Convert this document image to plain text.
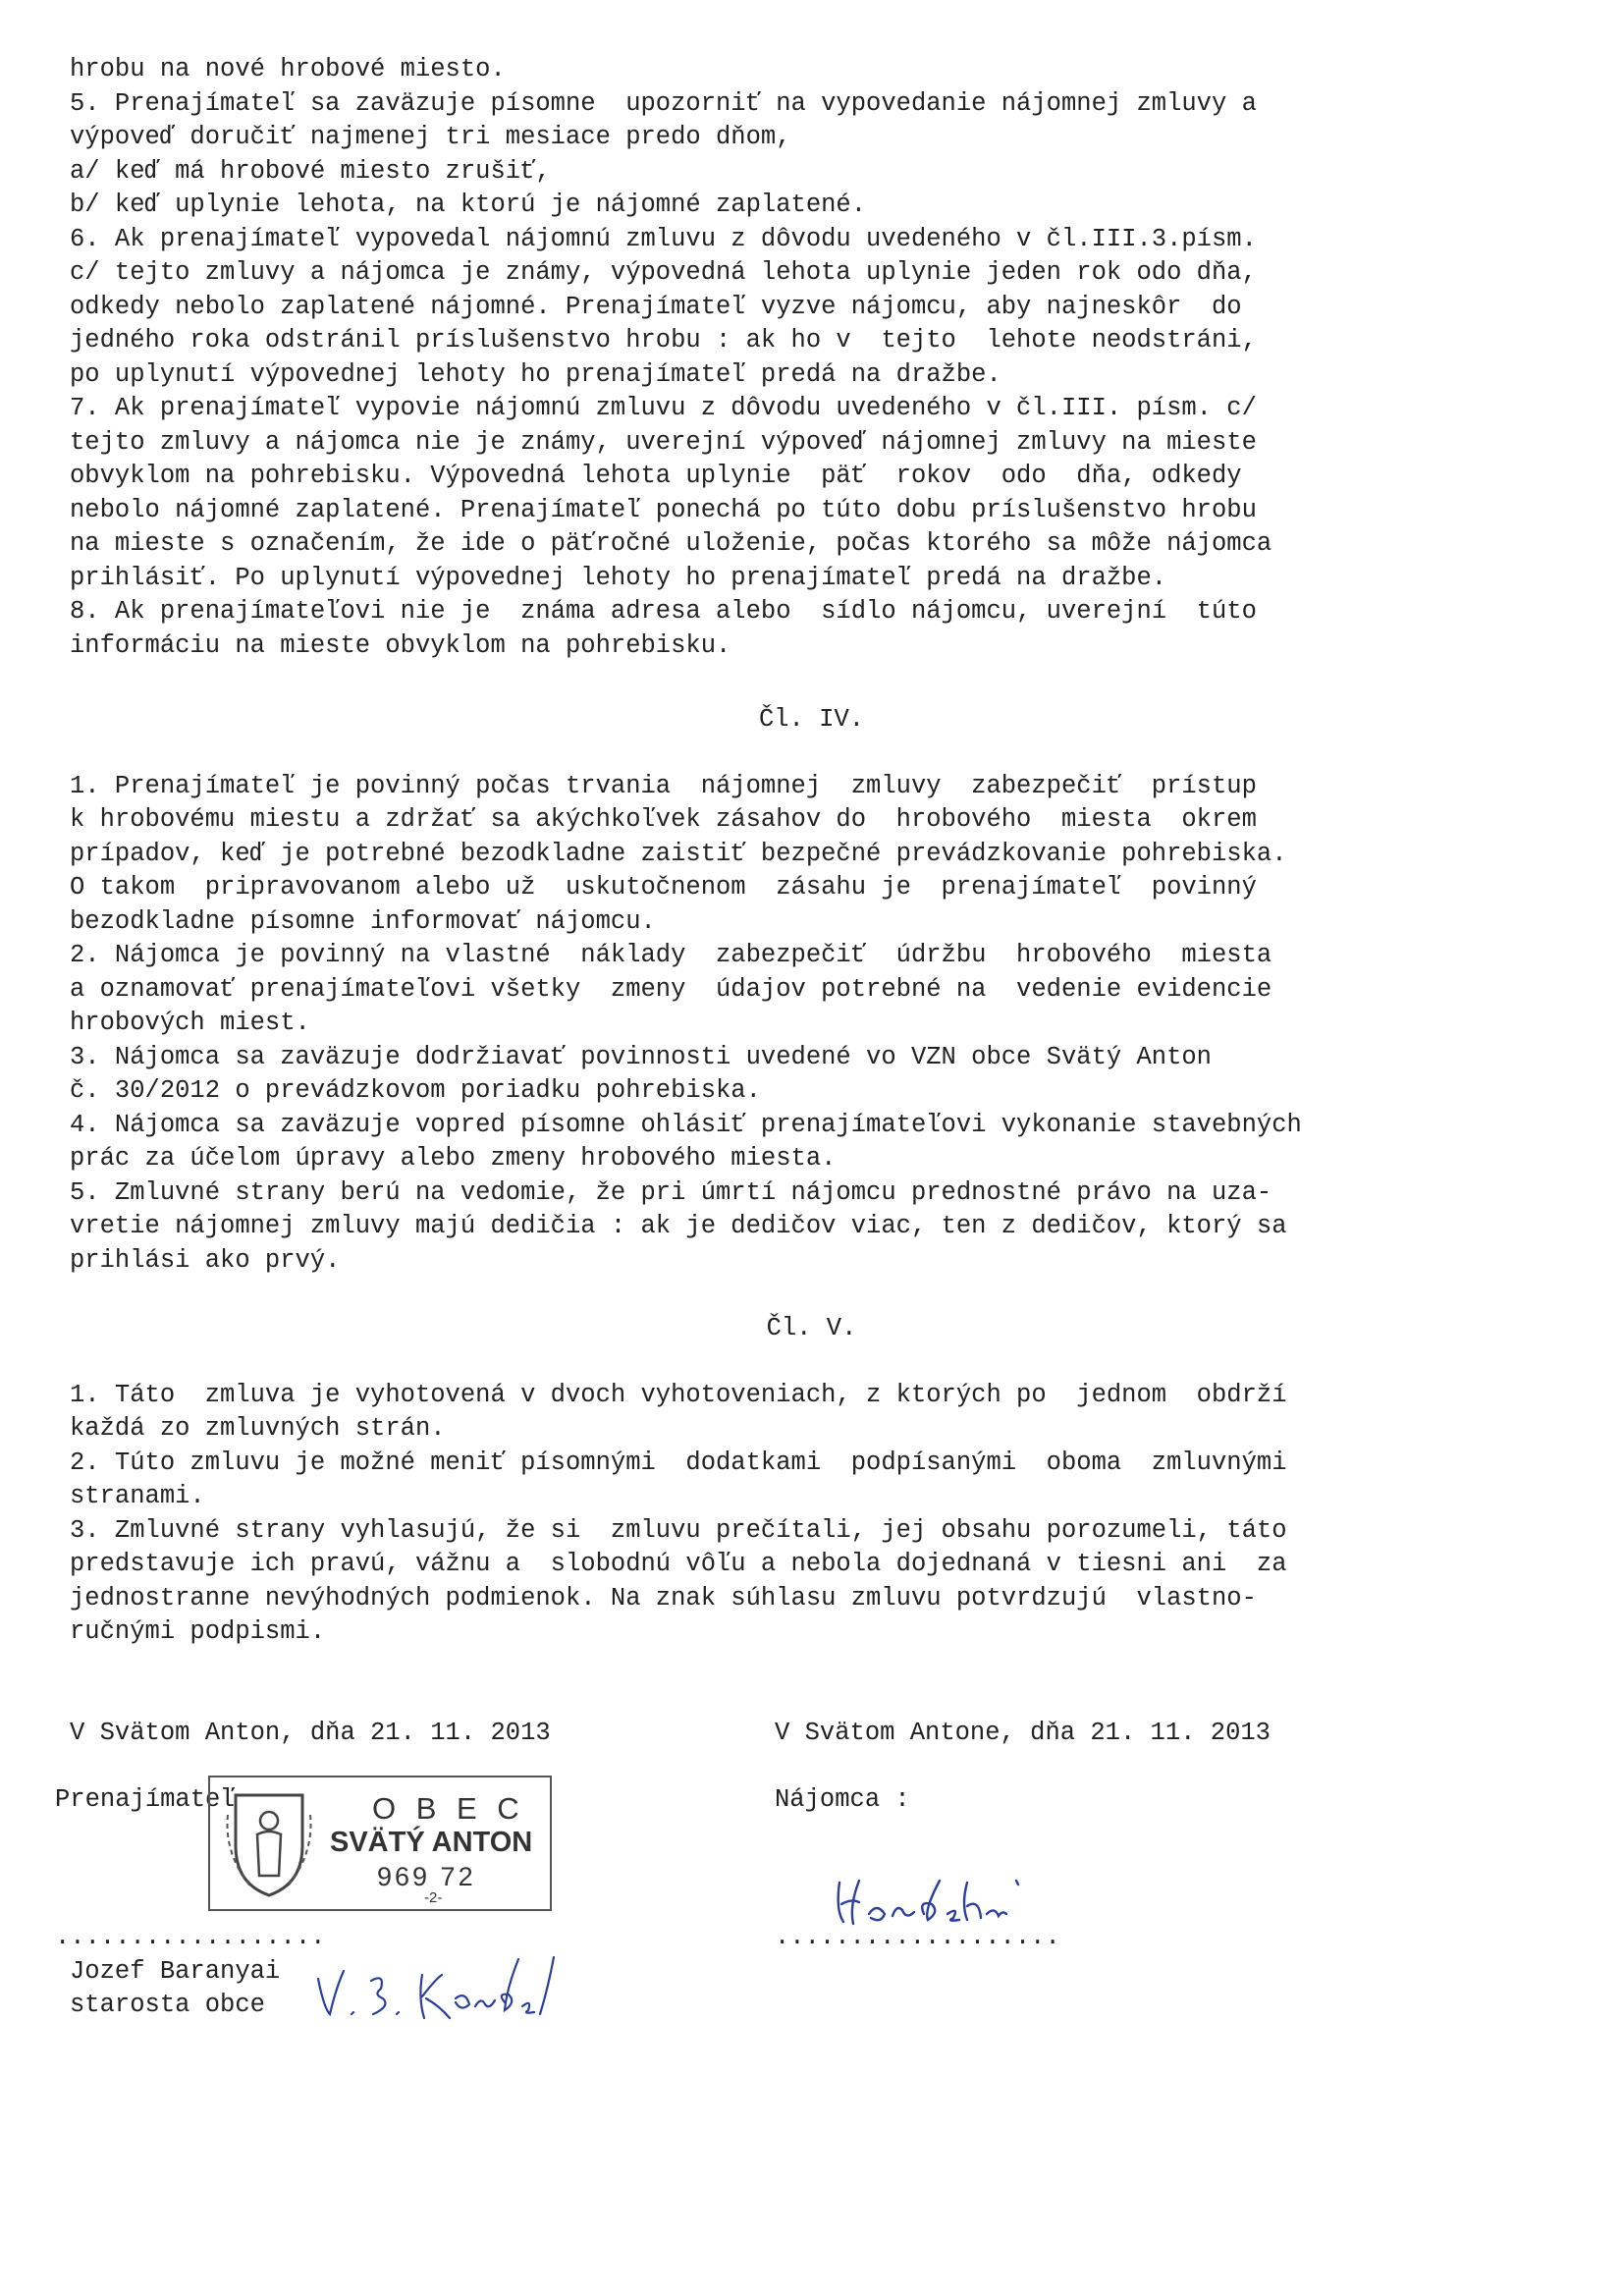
hrobu na nové hrobové miesto.
5. Prenajímateľ sa zaväzuje písomne  upozorniť na vypovedanie nájomnej zmluvy a
výpoveď doručiť najmenej tri mesiace predo dňom,
a/ keď má hrobové miesto zrušiť,
b/ keď uplynie lehota, na ktorú je nájomné zaplatené.
6. Ak prenajímateľ vypovedal nájomnú zmluvu z dôvodu uvedeného v čl.III.3.písm.
c/ tejto zmluvy a nájomca je známy, výpovedná lehota uplynie jeden rok odo dňa,
odkedy nebolo zaplatené nájomné. Prenajímateľ vyzve nájomcu, aby najneskôr  do
jedného roka odstránil príslušenstvo hrobu : ak ho v  tejto  lehote neodstráni,
po uplynutí výpovednej lehoty ho prenajímateľ predá na dražbe.
7. Ak prenajímateľ vypovie nájomnú zmluvu z dôvodu uvedeného v čl.III. písm. c/
tejto zmluvy a nájomca nie je známy, uverejní výpoveď nájomnej zmluvy na mieste
obvyklom na pohrebisku. Výpovedná lehota uplynie  päť  rokov  odo  dňa, odkedy
nebolo nájomné zaplatené. Prenajímateľ ponechá po túto dobu príslušenstvo hrobu
na mieste s označením, že ide o päťročné uloženie, počas ktorého sa môže nájomca
prihlásiť. Po uplynutí výpovednej lehoty ho prenajímateľ predá na dražbe.
8. Ak prenajímateľovi nie je  známa adresa alebo  sídlo nájomcu, uverejní  túto
informáciu na mieste obvyklom na pohrebisku.
Čl. IV.
1. Prenajímateľ je povinný počas trvania  nájomnej  zmluvy  zabezpečiť  prístup
k hrobovému miestu a zdržať sa akýchkoľvek zásahov do  hrobového  miesta  okrem
prípadov, keď je potrebné bezodkladne zaistiť bezpečné prevádzkovanie pohrebiska.
O takom  pripravovanom alebo už  uskutočnenom  zásahu je  prenajímateľ  povinný
bezodkladne písomne informovať nájomcu.
2. Nájomca je povinný na vlastné  náklady  zabezpečiť  údržbu  hrobového  miesta
a oznamovať prenajímateľovi všetky  zmeny  údajov potrebné na  vedenie evidencie
hrobových miest.
3. Nájomca sa zaväzuje dodržiavať povinnosti uvedené vo VZN obce Svätý Anton
č. 30/2012 o prevádzkovom poriadku pohrebiska.
4. Nájomca sa zaväzuje vopred písomne ohlásiť prenajímateľovi vykonanie stavebných
prác za účelom úpravy alebo zmeny hrobového miesta.
5. Zmluvné strany berú na vedomie, že pri úmrtí nájomcu prednostné právo na uza-
vretie nájomnej zmluvy majú dedičia : ak je dedičov viac, ten z dedičov, ktorý sa
prihlási ako prvý.
Čl. V.
1. Táto  zmluva je vyhotovená v dvoch vyhotoveniach, z ktorých po  jednom  obdrží
každá zo zmluvných strán.
2. Túto zmluvu je možné meniť písomnými  dodatkami  podpísanými  oboma  zmluvnými
stranami.
3. Zmluvné strany vyhlasujú, že si  zmluvu prečítali, jej obsahu porozumeli, táto
predstavuje ich pravú, vážnu a  slobodnú vôľu a nebola dojednaná v tiesni ani  za
jednostranne nevýhodných podmienok. Na znak súhlasu zmluvu potvrdzujú  vlastno-
ručnými podpismi.
V Svätom Anton, dňa 21. 11. 2013	V Svätom Antone, dňa 21. 11. 2013
Prenajímateľ	Nájomca :
O B E C
SVÄTÝ ANTON
969 72
-2-
..................	...................
Jozef Baranyai
starosta obce
